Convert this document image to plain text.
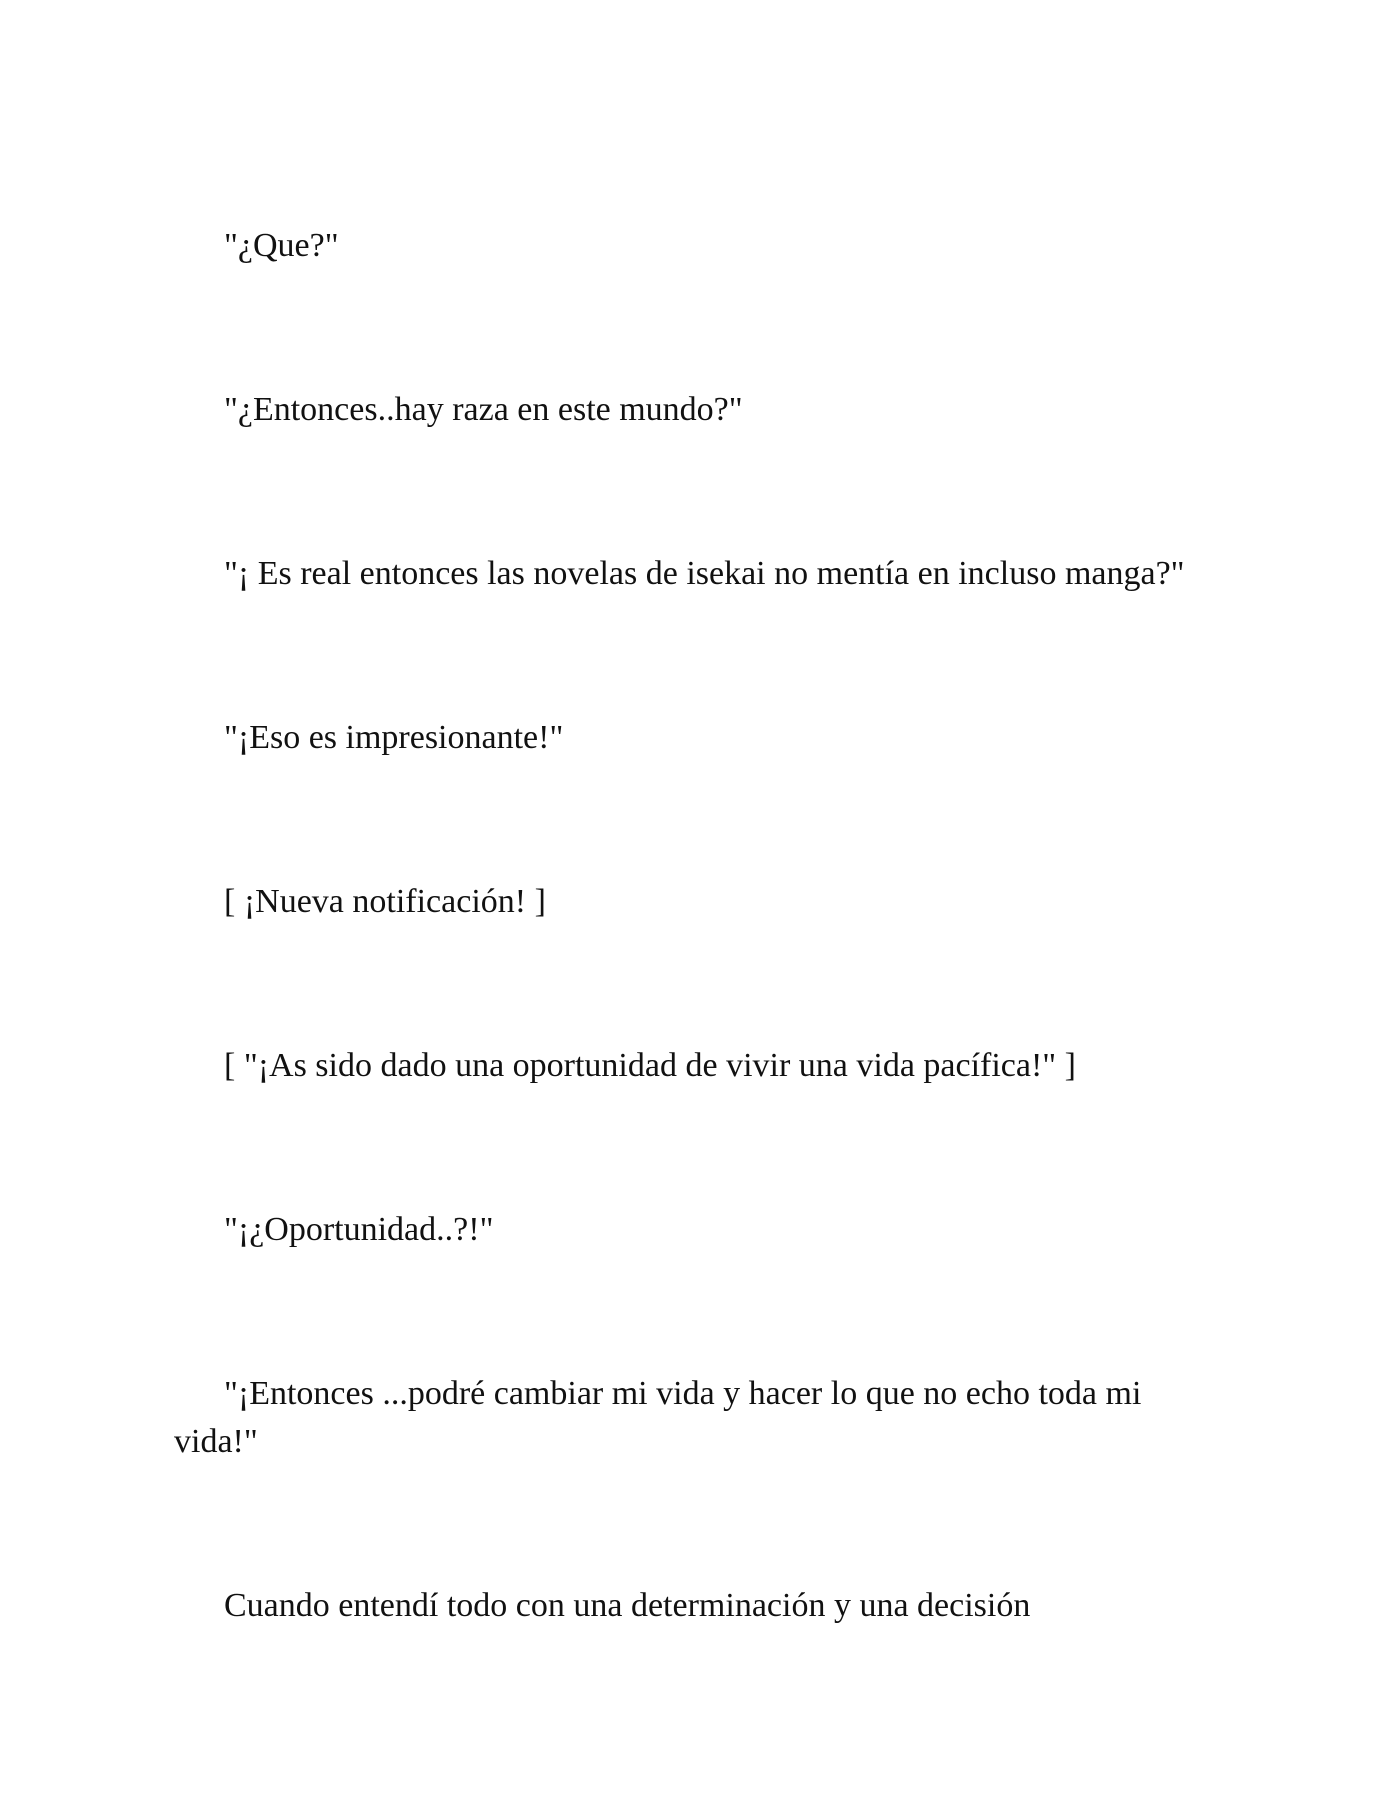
"¿Que?"

"¿Entonces..hay raza en este mundo?"

"¡ Es real entonces las novelas de isekai no mentía en incluso manga?"

"¡Eso es impresionante!"

[ ¡Nueva notificación! ]

[ "¡As sido dado una oportunidad de vivir una vida pacífica!" ]

"¡¿Oportunidad..?!"

"¡Entonces ...podré cambiar mi vida y hacer lo que no echo toda mi vida!"

Cuando entendí todo con una determinación y una decisión
